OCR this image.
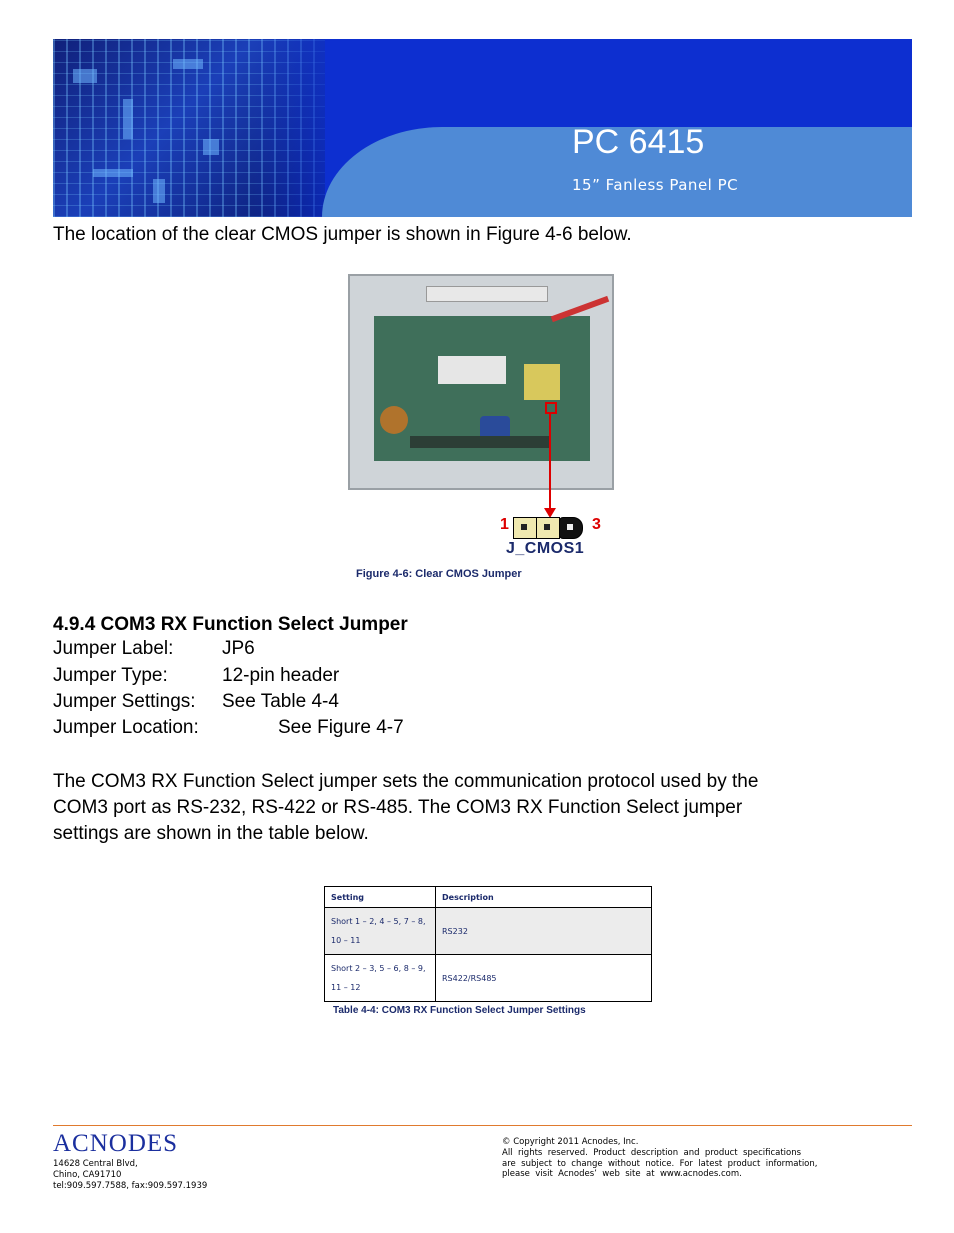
PC 6415
15” Fanless Panel PC
The location of the clear CMOS jumper is shown in Figure 4-6 below.
1	3
J_CMOS1
Figure 4-6: Clear CMOS Jumper
4.9.4 COM3 RX Function Select Jumper
Jumper Label:	JP6
Jumper Type:	12-pin header
Jumper Settings: See Table 4-4
Jumper Location:	See Figure 4-7
The COM3 RX Function Select jumper sets the communication protocol used by the
COM3 port as RS-232, RS-422 or RS-485. The COM3 RX Function Select jumper
settings are shown in the table below.
Setting	Description
Short 1 – 2, 4 – 5, 7 – 8, 10 – 11	RS232
Short 2 – 3, 5 – 6, 8 – 9, 11 – 12	RS422/RS485
Table 4-4: COM3 RX Function Select Jumper Settings
ACNODES
14628 Central Blvd,
Chino, CA91710
tel:909.597.7588, fax:909.597.1939
© Copyright 2011 Acnodes, Inc.
All  rights  reserved.  Product  description  and  product  specifications
are  subject  to  change  without  notice.  For  latest  product  information,
please  visit  Acnodes’  web  site  at  www.acnodes.com.
